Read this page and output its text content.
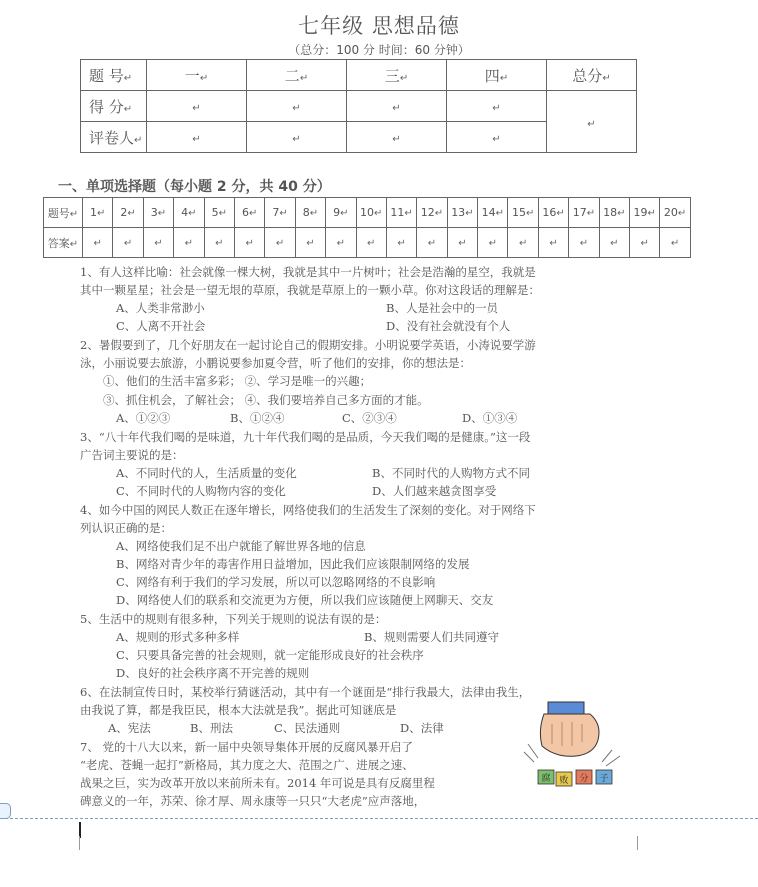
七年级 思想品德
（总分：100 分 时间：60 分钟）
题 号↵	一↵	二↵	三↵	四↵	总分↵
得 分↵	↵	↵	↵	↵	↵
评卷人↵	↵	↵	↵	↵	
一、单项选择题（每小题 2 分，共 40 分）
题号↵	1↵	2↵	3↵	4↵	5↵	6↵	7↵	8↵	9↵	10↵	11↵	12↵	13↵	14↵	15↵	16↵	17↵	18↵	19↵	20↵
答案↵	↵	↵	↵	↵	↵	↵	↵	↵	↵	↵	↵	↵	↵	↵	↵	↵	↵	↵	↵	↵
1、有人这样比喻：社会就像一棵大树，我就是其中一片树叶；社会是浩瀚的星空，我就是
其中一颗星星；社会是一望无垠的草原，我就是草原上的一颗小草。你对这段话的理解是：
A、人类非常渺小	B、人是社会中的一员
C、人离不开社会	D、没有社会就没有个人
2、暑假要到了，几个好朋友在一起讨论自己的假期安排。小明说要学英语，小涛说要学游
泳，小丽说要去旅游，小鹏说要参加夏令营，听了他们的安排，你的想法是：
①、他们的生活丰富多彩； ②、学习是唯一的兴趣；
③、抓住机会，了解社会； ④、我们要培养自己多方面的才能。
A、①②③	B、①②④	C、②③④	D、①③④
3、“八十年代我们喝的是味道，九十年代我们喝的是品质，今天我们喝的是健康。”这一段
广告词主要说的是：
A、不同时代的人，生活质量的变化	B、不同时代的人购物方式不同
C、不同时代的人购物内容的变化	D、人们越来越贪图享受
4、如今中国的网民人数正在逐年增长，网络使我们的生活发生了深刻的变化。对于网络下
列认识正确的是：
A、网络使我们足不出户就能了解世界各地的信息
B、网络对青少年的毒害作用日益增加，因此我们应该限制网络的发展
C、网络有利于我们的学习发展，所以可以忽略网络的不良影响
D、网络使人们的联系和交流更为方便，所以我们应该随便上网聊天、交友
5、生活中的规则有很多种，下列关于规则的说法有误的是：
A、规则的形式多种多样	B、规则需要人们共同遵守
C、只要具备完善的社会规则，就一定能形成良好的社会秩序
D、良好的社会秩序离不开完善的规则
6、在法制宣传日时，某校举行猜谜活动，其中有一个谜面是“排行我最大，法律由我生，
由我说了算，都是我臣民，根本大法就是我”。据此可知谜底是
A、宪法	B、刑法	C、民法通则	D、法律
7、 党的十八大以来，新一届中央领导集体开展的反腐风暴开启了
“老虎、苍蝇一起打”新格局，其力度之大、范围之广、进展之速、
战果之巨，实为改革开放以来前所未有。2014 年可说是具有反腐里程
碑意义的一年，苏荣、徐才厚、周永康等一只只“大老虎”应声落地，
腐 败 分 子
